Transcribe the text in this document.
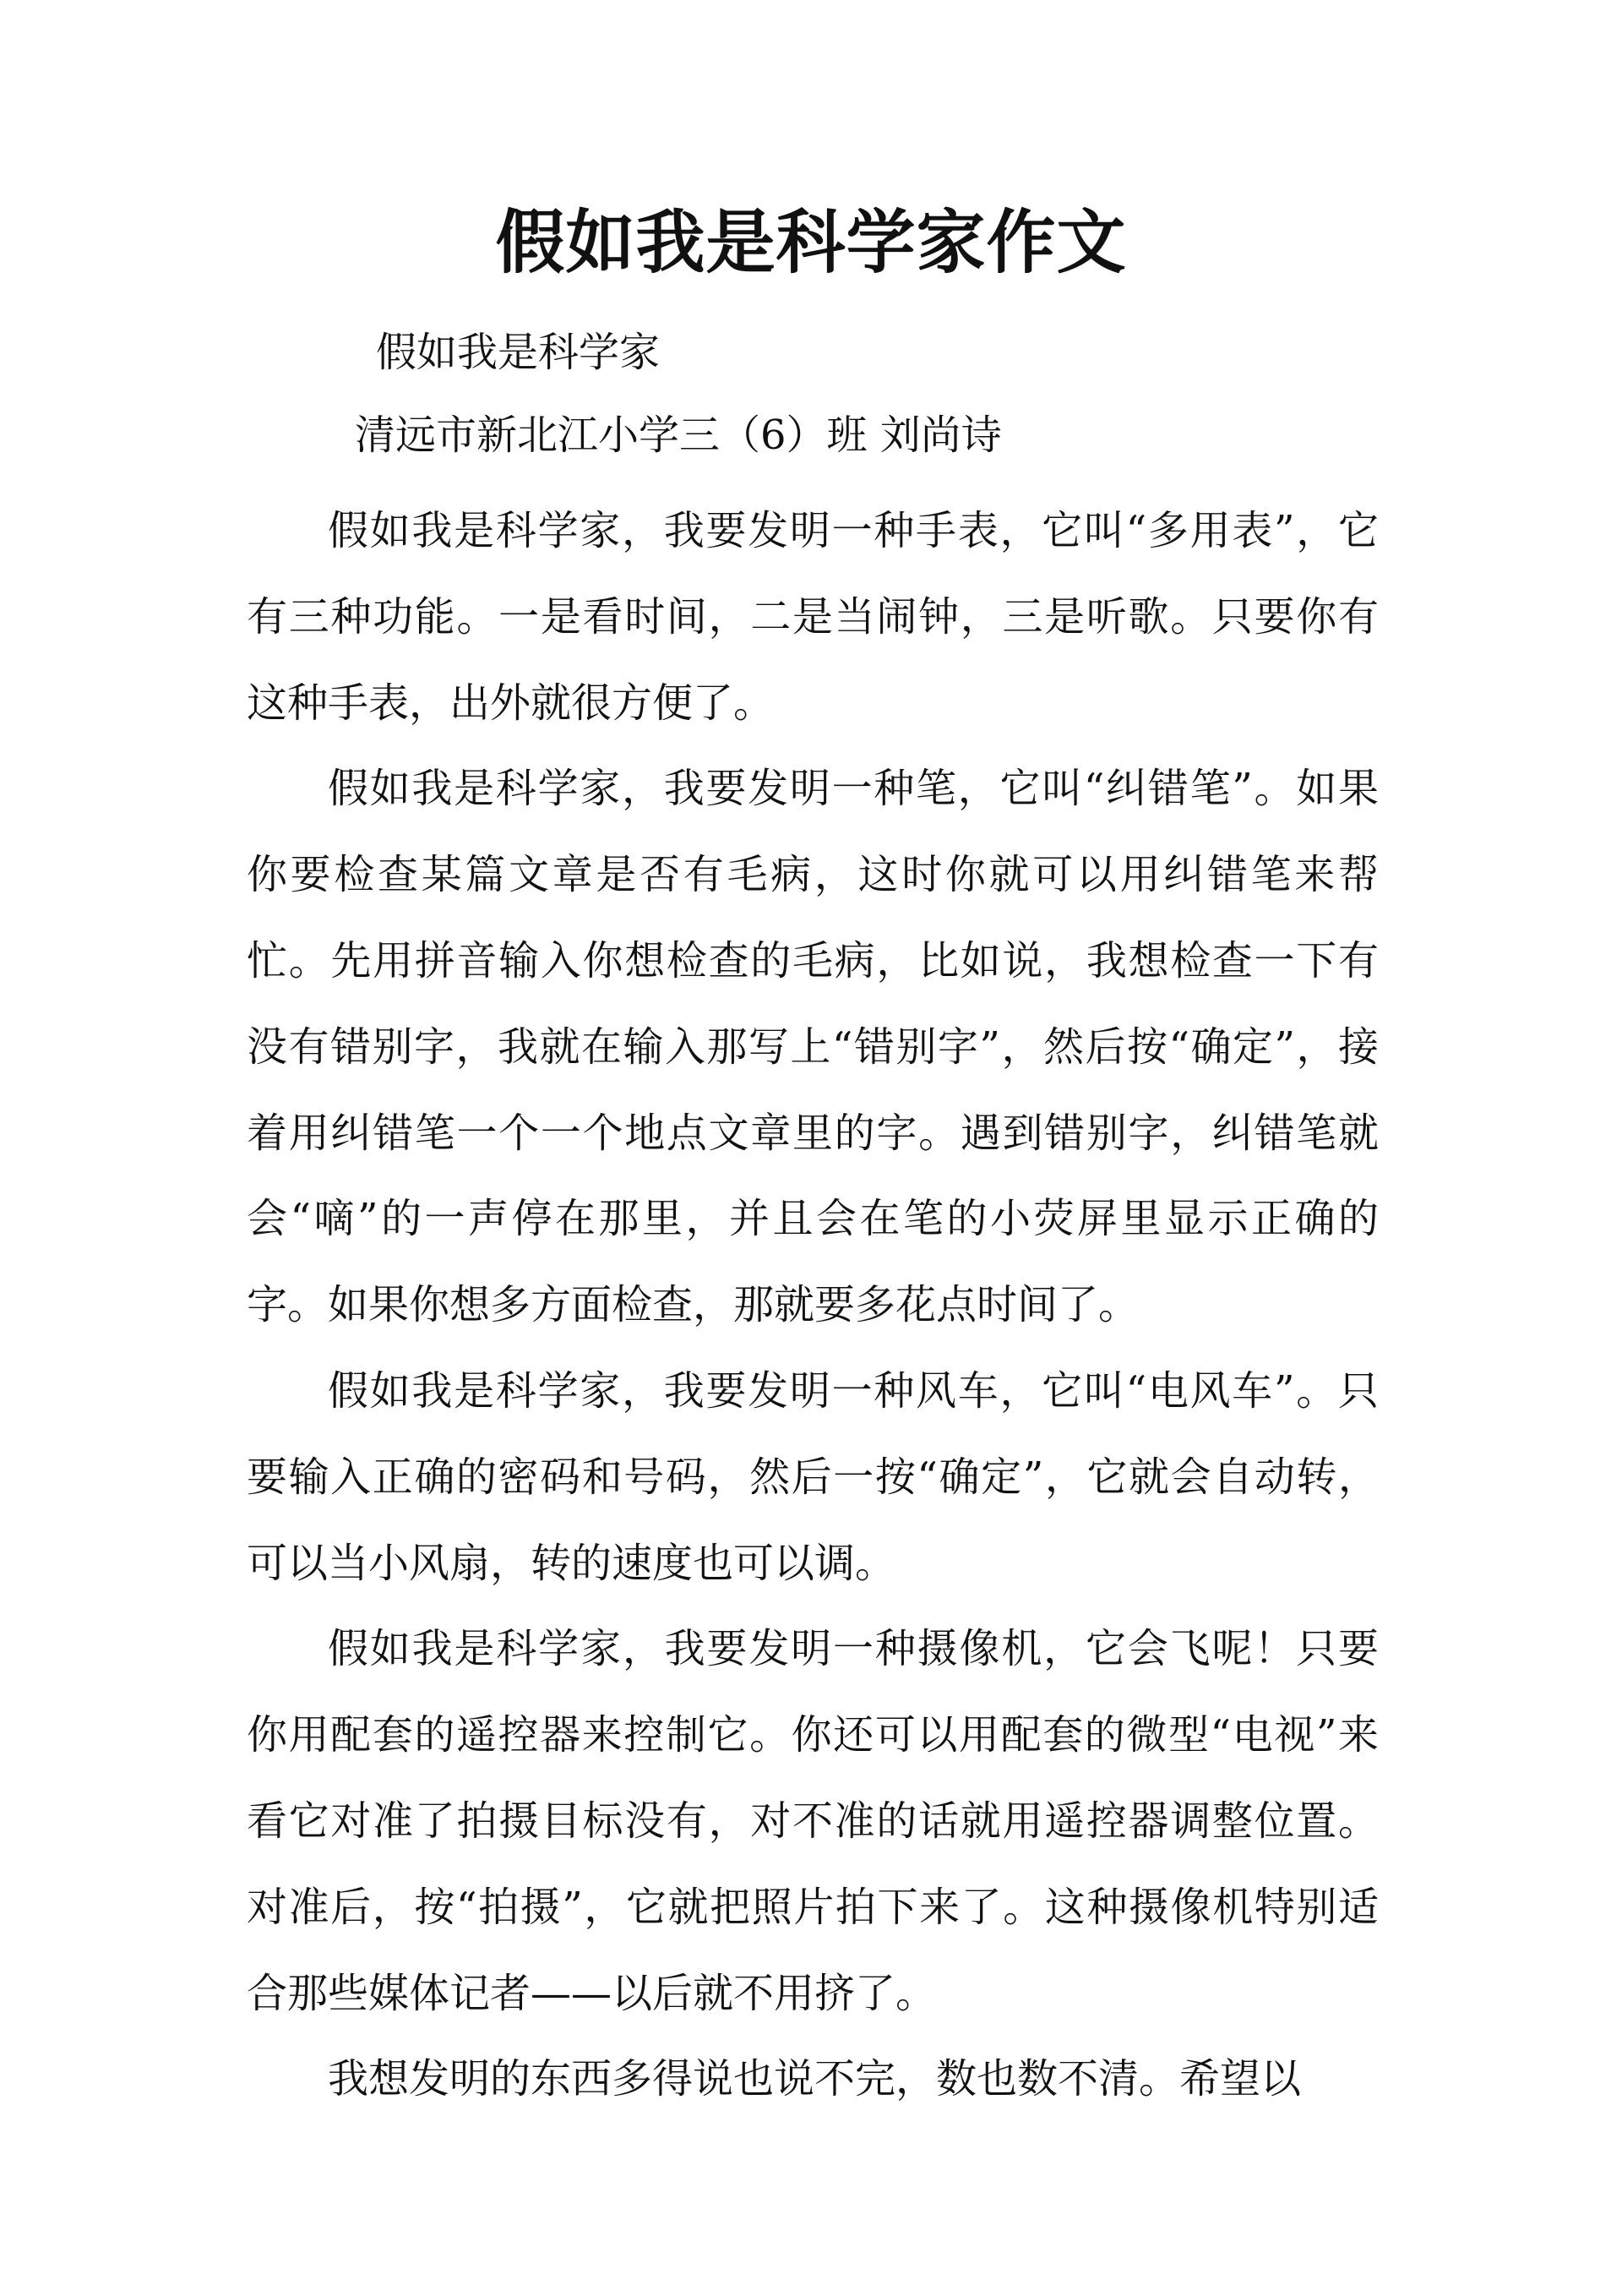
假如我是科学家作文

假如我是科学家

清远市新北江小学三（6）班 刘尚诗

假如我是科学家，我要发明一种手表，它叫“多用表”，它有三种功能。一是看时间，二是当闹钟，三是听歌。只要你有这种手表，出外就很方便了。

假如我是科学家，我要发明一种笔，它叫“纠错笔”。如果你要检查某篇文章是否有毛病，这时你就可以用纠错笔来帮忙。先用拼音输入你想检查的毛病，比如说，我想检查一下有没有错别字，我就在输入那写上“错别字”，然后按“确定”，接着用纠错笔一个一个地点文章里的字。遇到错别字，纠错笔就会“嘀”的一声停在那里，并且会在笔的小荧屏里显示正确的字。如果你想多方面检查，那就要多花点时间了。

假如我是科学家，我要发明一种风车，它叫“电风车”。只要输入正确的密码和号码，然后一按“确定”，它就会自动转，可以当小风扇，转的速度也可以调。

假如我是科学家，我要发明一种摄像机，它会飞呢！只要你用配套的遥控器来控制它。你还可以用配套的微型“电视”来看它对准了拍摄目标没有，对不准的话就用遥控器调整位置。对准后，按“拍摄”，它就把照片拍下来了。这种摄像机特别适合那些媒体记者——以后就不用挤了。

我想发明的东西多得说也说不完，数也数不清。希望以
